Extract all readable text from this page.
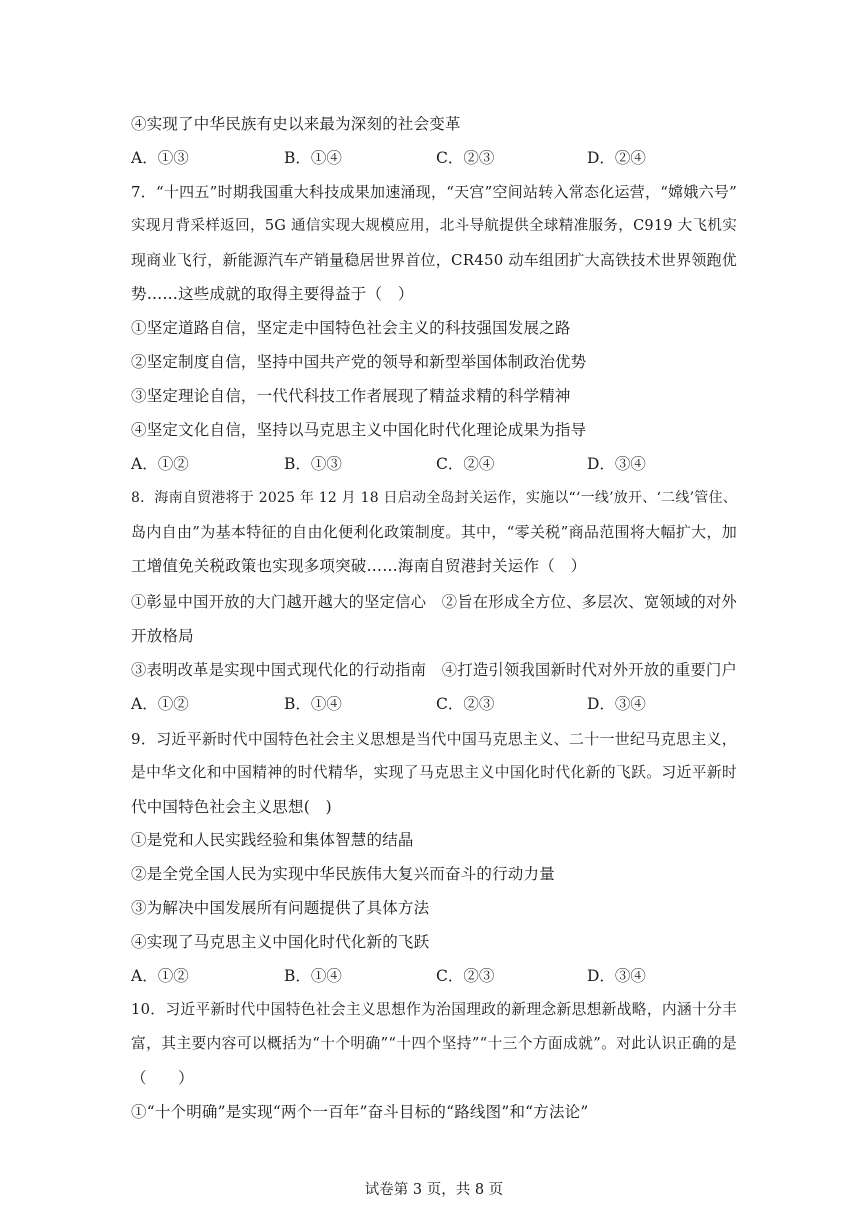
④实现了中华民族有史以来最为深刻的社会变革
A．①③	B．①④	C．②③	D．②④
7．“十四五”时期我国重大科技成果加速涌现，“天宫”空间站转入常态化运营，“嫦娥六号”
实现月背采样返回，5G 通信实现大规模应用，北斗导航提供全球精准服务，C919 大飞机实
现商业飞行，新能源汽车产销量稳居世界首位，CR450 动车组团扩大高铁技术世界领跑优
势……这些成就的取得主要得益于（　）
①坚定道路自信，坚定走中国特色社会主义的科技强国发展之路
②坚定制度自信，坚持中国共产党的领导和新型举国体制政治优势
③坚定理论自信，一代代科技工作者展现了精益求精的科学精神
④坚定文化自信，坚持以马克思主义中国化时代化理论成果为指导
A．①②	B．①③	C．②④	D．③④
8．海南自贸港将于 2025 年 12 月 18 日启动全岛封关运作，实施以“‘一线’放开、‘二线’管住、
岛内自由”为基本特征的自由化便利化政策制度。其中，“零关税”商品范围将大幅扩大，加
工增值免关税政策也实现多项突破……海南自贸港封关运作（　）
①彰显中国开放的大门越开越大的坚定信心　②旨在形成全方位、多层次、宽领域的对外
开放格局
③表明改革是实现中国式现代化的行动指南　④打造引领我国新时代对外开放的重要门户
A．①②	B．①④	C．②③	D．③④
9．习近平新时代中国特色社会主义思想是当代中国马克思主义、二十一世纪马克思主义，
是中华文化和中国精神的时代精华，实现了马克思主义中国化时代化新的飞跃。习近平新时
代中国特色社会主义思想(　)
①是党和人民实践经验和集体智慧的结晶
②是全党全国人民为实现中华民族伟大复兴而奋斗的行动力量
③为解决中国发展所有问题提供了具体方法
④实现了马克思主义中国化时代化新的飞跃
A．①②	B．①④	C．②③	D．③④
10．习近平新时代中国特色社会主义思想作为治国理政的新理念新思想新战略，内涵十分丰
富，其主要内容可以概括为“十个明确”“十四个坚持”“十三个方面成就”。对此认识正确的是
（　　）
①“十个明确”是实现“两个一百年”奋斗目标的“路线图”和“方法论”
试卷第 3 页，共 8 页
